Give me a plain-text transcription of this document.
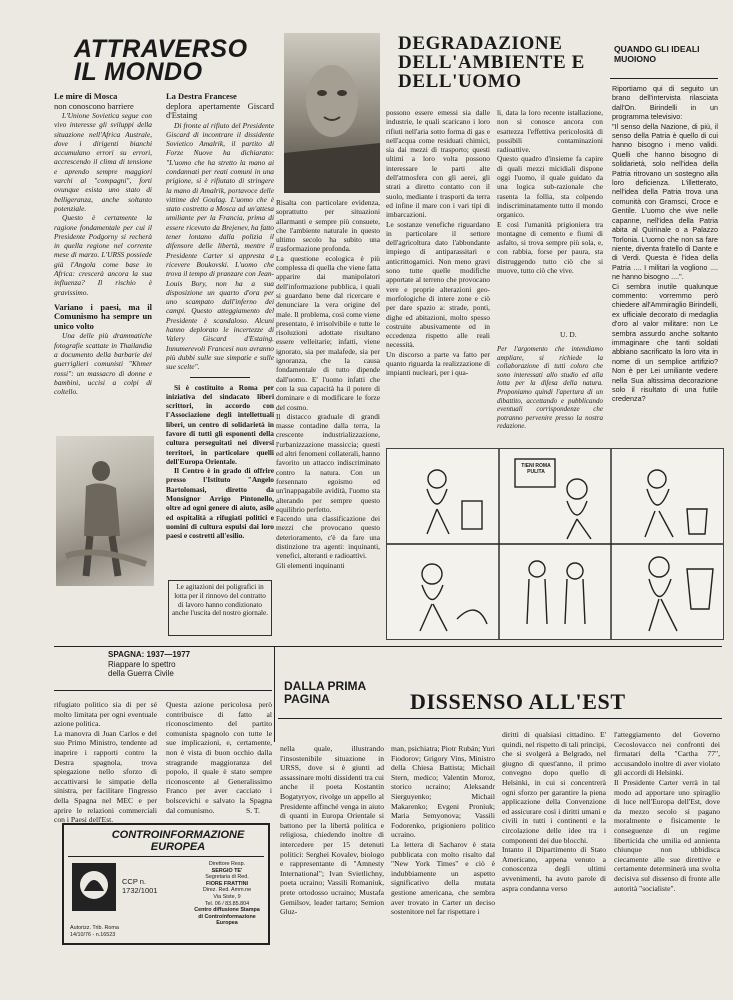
ATTRAVERSO IL MONDO
Le mire di Mosca
non conoscono barriere

L'Unione Sovietica segue con vivo interesse gli sviluppi della situazione nell'Africa Australe, dove i dirigenti bianchi accumulano errori su errori, accrescendo il clima di tensione e aprendo sempre maggiori varchi al "compagni", forti ovunque esista uno stato di belligeranza, anche soltanto potenziale.

Questo è certamente la ragione fondamentale per cui il Presidente Podgorny si recherà in quella regione nel corrente mese di marzo. L'URSS possiede già l'Angola come base in Africa: crescerà ancora la sua influenza? Il rischio è gravissimo.

Variano i paesi, ma il Comunismo ha sempre un unico volto

Una delle più drammatiche fotografie scattate in Thailandia a documento della barbarie dei guerriglieri comunisti "Khmer rossi": un massacro di donne e bambini, uccisi a colpi di coltello.

La Destra Francese
deplora apertamente Giscard d'Estaing

Di fronte al rifiuto del Presidente Giscard di incontrare il dissidente Sovietico Amalrik, il partito di Forze Nuove ha dichiarato: "L'uomo che ha stretto la mano ai condannati per reati comuni in una prigione, si è rifiutato di stringere la mano di Amalrik, portavoce delle vittime del Goulag. L'uomo che è stato costretto a Mosca ad un'attesa umiliante per la Francia, prima di essere ricevuto da Brejenev, ha fatto tener lontano dalla polizia il difensore delle libertà, mentre il Presidente Carter si appresta a ricevere Boukovski. L'uomo che trova il tempo di pranzare con Jean-Louis Bory, non ha a sua disposizione un quarto d'ora per uno scampato dall'inferno dei campi. Questo atteggiamento del Presidente è scandaloso. Alcuni hanno deplorato le incertezze di Valery Giscard d'Estaing. Innumerevoli Francesi non avranno più dubbi sulle sue simpatie e sulle sue scelte".

Si è costituito a Roma per iniziativa del sindacato liberi scrittori, in accordo con l'Associazione degli intellettuali liberi, un centro di solidarietà in favore di tutti gli esponenti della cultura perseguitati nei diversi territori, in particolare quelli dell'Europa Orientale.

Il Centro è in grado di offrire presso l'Istituto "Angelo Bartolomasi, diretto da Monsignor Arrigo Pintonello, oltre ad ogni genere di aiuto, asilo ed ospitalità a rifugiati politici e uomini di cultura espulsi dai loro paesi e costretti all'esilio.

Le agitazioni dei poligrafici in lotta per il rinnovo del contratto di lavoro hanno condizionato anche l'uscita del nostro giornale.
DEGRADAZIONE DELL'AMBIENTE E DELL'UOMO
Risalta con particolare evidenza, soprattutto per situazioni allarmanti e sempre più consuete, che l'ambiente naturale in questo ultimo secolo ha subito una trasformazione profonda.
La questione ecologica è più complessa di quella che viene fatta apparire dai manipolatori dell'informazione pubblica, i quali si guardano bene dal ricercare e denunciare la vera origine del male. Il problema, così come viene presentato, è irrisolvibile e tutte le risoluzioni adottate risultano essere velleitarie; infatti, viene ignorato, sia per malafede, sia per ignoranza, che la causa fondamentale di tutto dipende dall'uomo. E' l'uomo infatti che con la sua capacità ha il potere di dominare e di modificare le forze del cosmo.
Il distacco graduale di grandi masse contadine dalla terra, la crescente industrializzazione, l'urbanizzazione massiccia; questi ed altri fenomeni collaterali, hanno favorito un attacco indiscriminato contro la natura. Con un forsennato egoismo ed un'inappagabile avidità, l'uomo sta alterando per sempre questo equilibrio perfetto.
Facendo una classificazione dei mezzi che provocano questo deterioramento, c'è da fare una distinzione tra agenti: inquinanti, venefici, alteranti e radioattivi.
Gli elementi inquinanti
possono essere emessi sia dalle industrie, le quali scaricano i loro rifiuti nell'aria sotto forma di gas e nell'acqua come residuati chimici, sia dai mezzi di trasporto; questi ultimi a loro volta possono interessare le parti alte dell'atmosfera con gli aerei, gli strati a diretto contatto con il suolo, mediante i trasporti da terra ed infine il mare con i vari tipi di imbarcazioni.
Le sostanze venefiche riguardano in particolare il settore dell'agricoltura dato l'abbondante impiego di antiparassitari e anticrittogamici. Non meno gravi sono tutte quelle modifiche apportate al terreno che provocano vere e proprie alterazioni geo-morfologiche di intere zone e ciò per dare spazio a: strade, ponti, dighe ed abitazioni, molto spesso costruite abusivamente ed in eccedenza rispetto alle reali necessità.
Un discorso a parte va fatto per quanto riguarda la realizzazione di impianti nucleari, per i qua-
li, data la loro recente istallazione, non si conosce ancora con esattezza l'effettiva pericolosità di possibili contaminazioni radioattive.
Questo quadro d'insieme fa capire di quali mezzi micidiali dispone oggi l'uomo, il quale guidato da una logica sub-razionale che rasenta la follia, sta colpendo indiscriminatamente tutto il mondo organico.
E così l'umanità prigioniera tra montagne di cemento e fiumi di asfalto, si trova sempre più sola, e, con rabbia, forse per paura, sta distruggendo tutto ciò che si muove, tutto ciò che vive.
U. D.
Per l'argomento che intendiamo ampliare, si richiede la collaborazione di tutti coloro che sono interessati allo studio ed alla lotta per la difesa della natura. Proponiamo quindi l'apertura di un dibattito, accettando e pubblicando eventuali corrispondenze che potranno pervenire presso la nostra redazione.
QUANDO GLI IDEALI MUOIONO
Riportiamo qui di seguito un brano dell'intervista rilasciata dall'On. Birindelli in un programma televisivo:
"Il senso della Nazione, di più, il senso della Patria è quello di cui hanno bisogno i meno validi. Quelli che hanno bisogno di solidarietà, solo nell'idea della Patria ritrovano un sostegno alla loro deficienza. L'illetterato, nell'idea della Patria trova una comunità con Gramsci, Croce e Gentile. L'uomo che vive nelle capanne, nell'idea della Patria abita al Quirinale o a Palazzo Torlonia. L'uomo che non sa fare niente, diventa fratello di Dante e di Verdi. Questa è l'idea della Patria .... I militari la vogliono .... ne hanno bisogno ....".
Ci sembra inutile qualunque commento: vorremmo però chiedere all'Ammiraglio Birindelli, ex ufficiale decorato di medaglia d'oro al valor militare: non Le sembra assurdo anche soltanto immaginare che tanti soldati abbiano sacrificato la loro vita in nome di un semplice artifizio? Non è per Lei umiliante vedere nella Sua altissima decorazione solo il risultato di una futile credenza?
TIENI ROMA PULITA
SPAGNA: 1937—1977
Riappare lo spettro
della Guerra Civile
rifugiato politico sia di per sé molto limitata per ogni eventuale azione politica.
La manovra di Juan Carlos e del suo Primo Ministro, tendente ad inaprire i rapporti contro la Destra spagnola, trova spiegazione nello sforzo di accattivarsi le simpatie della sinistra, per facilitare l'ingresso della Spagna nel MEC e per aprire le relazioni commerciali con i Paesi dell'Est.
Questa azione pericolosa però contribuisce di fatto al riconoscimento del partito comunista spagnolo con tutte le sue implicazioni, e, certamente, non è vista di buon occhio dalla stragrande maggioranza del popolo, il quale è stato sempre riconoscente al Generalissimo Franco per aver cacciato i bolscevichi e salvato la Spagna dal comunismo.	S. T.
CONTROINFORMAZIONE
EUROPEA
CCP n. 1732/1001
Direttore Resp.
SERGIO TE'
Segretaria di Red.
FIORE FRATTINI
Direz. Red. Amm.ne
Via Siste, 9
Tel. 06 / 83.85.804
Centro diffusione Stampa
di Controinformazione
Europea
Autorizz. Trib. Roma
14/10/76 - n.16523
DALLA PRIMA
PAGINA	DISSENSO ALL'EST
nella quale, illustrando l'insostenibile situazione in URSS, dove si è giunti ad assassinare molti dissidenti tra cui anche il poeta Kostantin Bogatyryov, rivolge un appello al Presidente affinché venga in aiuto di quanti in Europa Orientale si battono per la libertà politica e religiosa, chiedendo inoltre di intercedere per 15 detenuti politici: Serghei Kovalev, biologo e rappresentante di "Amnesty International"; Ivan Svietlichny, poeta ucraino; Vassili Romaniuk, prete ortodosso ucraino; Mustafa Gemilsov, leader tartaro; Semion Gluz-
man, psichiatra; Piotr Rubán; Yuri Fiodorov; Grigory Vins, Ministro della Chiesa Battista; Michail Stern, medico; Valentin Moroz, storico ucraino; Aleksandr Sierguyenko; Michail Makarenko; Evgeni Proniuk; Maria Semyonova; Vassili Fodorenko, prigioniero politico ucraino.
La lettera di Sacharov è stata pubblicata con molto risalto dal "New York Times" e ciò è indubbiamente un aspetto significativo della mutata gestione americana, che sembra aver trovato in Carter un deciso sostenitore nel far rispettare i
diritti di qualsiasi cittadino. E' quindi, nel rispetto di tali principi, che si svolgerà a Belgrado, nel giugno di quest'anno, il primo convegno dopo quello di Helsinki, in cui si concentrerà ogni sforzo per garantire la piena applicazione della Convenzione ed assicurare così i diritti umani e civili in tutti i continenti e la circolazione delle idee tra i componenti dei due blocchi.
Intanto il Dipartimento di Stato Americano, appena venuto a conoscenza degli ultimi avvenimenti, ha avuto parole di aspra condanna verso
l'atteggiamento del Governo Cecoslovacco nei confronti dei firmatari della "Cartha 77", accusandolo inoltre di aver violato gli accordi di Helsinki.
Il Presidente Carter verrà in tal modo ad apportare uno spiraglio di luce nell'Europa dell'Est, dove da mezzo secolo si pagano moralmente e fisicamente le conseguenze di un regime liberticida che umilia ed annienta chiunque non ubbidisca ciecamente alle sue direttive e certamente determinerà una svolta decisiva sul dissenso di fronte alle autorità "socialiste".
